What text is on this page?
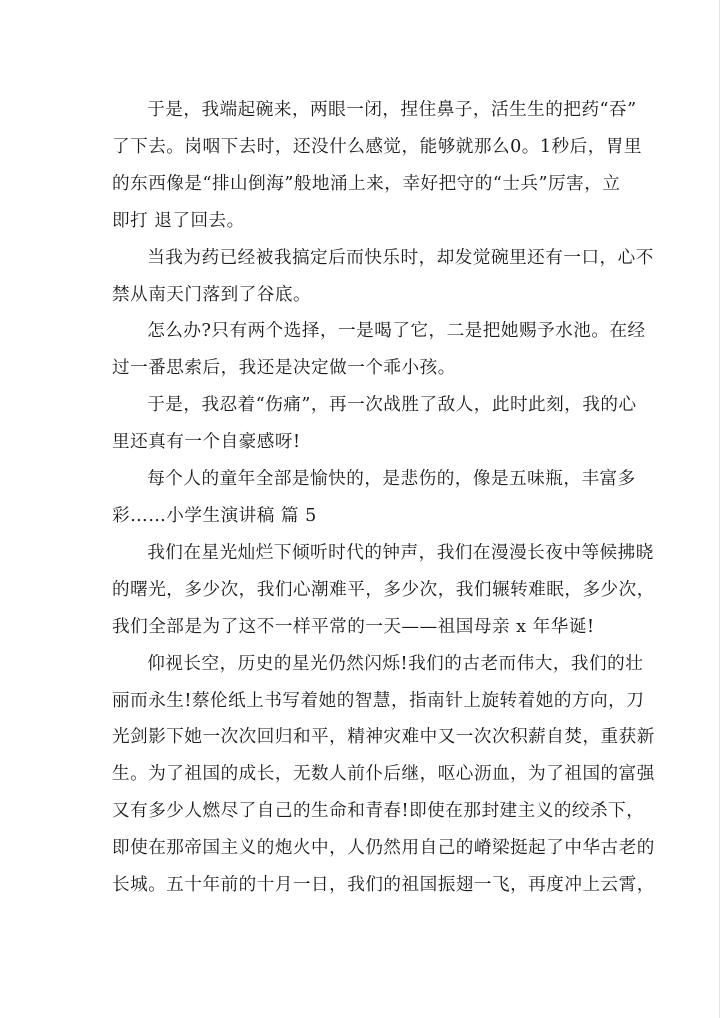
于是，我端起碗来，两眼一闭，捏住鼻子，活生生的把药“吞”
了下去。岗咽下去时，还没什么感觉，能够就那么0。1秒后，胃里
的东西像是“排山倒海”般地涌上来，幸好把守的“士兵”厉害，立
即打 退了回去。

当我为药已经被我搞定后而快乐时，却发觉碗里还有一口，心不
禁从南天门落到了谷底。

怎么办?只有两个选择，一是喝了它，二是把她赐予水池。在经
过一番思索后，我还是决定做一个乖小孩。

于是，我忍着“伤痛”，再一次战胜了敌人，此时此刻，我的心
里还真有一个自豪感呀!

每个人的童年全部是愉快的，是悲伤的，像是五味瓶，丰富多
彩……小学生演讲稿 篇 5

我们在星光灿烂下倾听时代的钟声，我们在漫漫长夜中等候拂晓
的曙光，多少次，我们心潮难平，多少次，我们辗转难眠，多少次，
我们全部是为了这不一样平常的一天——祖国母亲 x 年华诞!

仰视长空，历史的星光仍然闪烁!我们的古老而伟大，我们的壮
丽而永生!蔡伦纸上书写着她的智慧，指南针上旋转着她的方向，刀
光剑影下她一次次回归和平，精神灾难中又一次次积薪自焚，重获新
生。为了祖国的成长，无数人前仆后继，呕心沥血，为了祖国的富强
又有多少人燃尽了自己的生命和青春!即使在那封建主义的绞杀下，
即使在那帝国主义的炮火中，人仍然用自己的嵴梁挺起了中华古老的
长城。五十年前的十月一日，我们的祖国振翅一飞，再度冲上云霄，
